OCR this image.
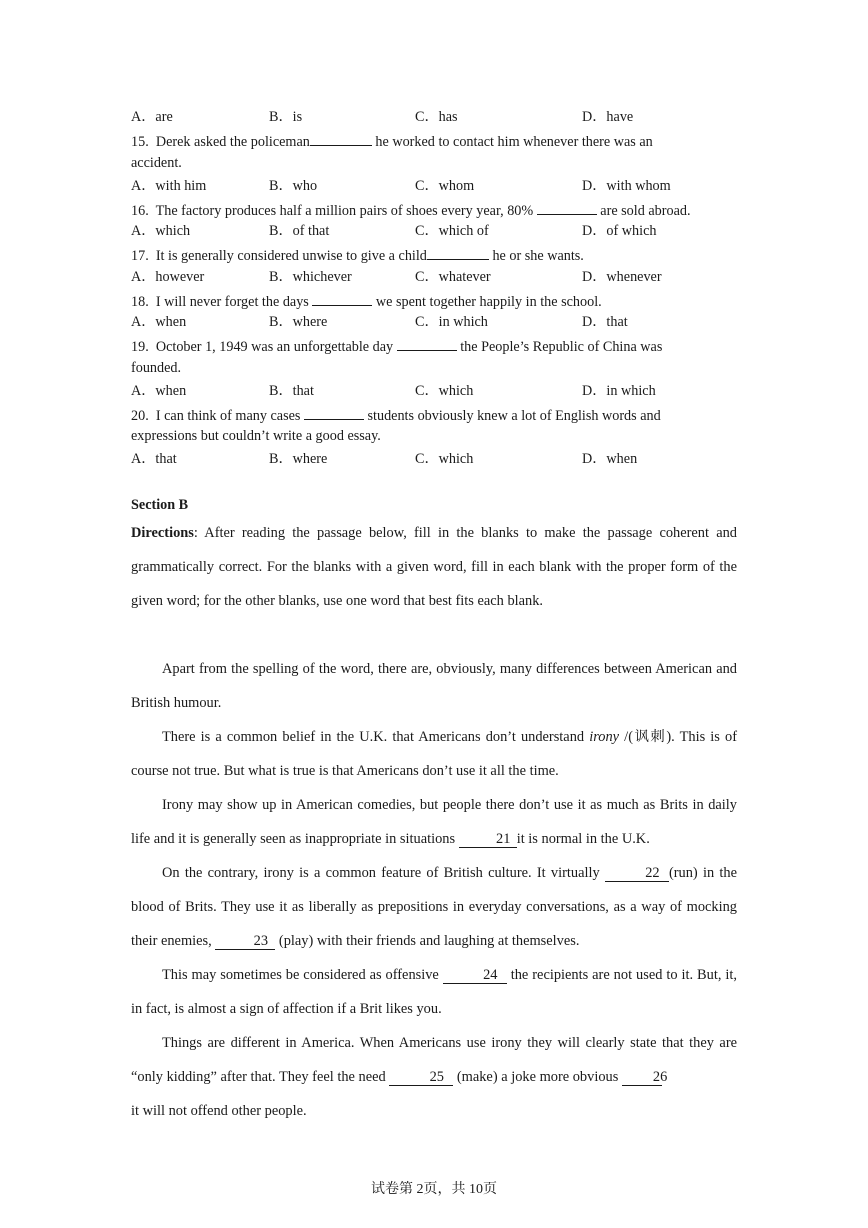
A．are	B．is	C．has	D．have
15.  Derek asked the policeman	he worked to contact him whenever there was an
accident.
A．with him	B．who	C．whom	D．with whom
16.  The factory produces half a million pairs of shoes every year, 80%	are sold abroad.
A．which	B．of that	C．which of	D．of which
17.  It is generally considered unwise to give a child	he or she wants.
A．however	B．whichever	C．whatever	D．whenever
18.  I will never forget the days	we spent together happily in the school.
A．when	B．where	C．in which	D．that
19.  October 1, 1949 was an unforgettable day	the People’s Republic of China was
founded.
A．when	B．that	C．which	D．in which
20.  I can think of many cases	students obviously knew a lot of English words and
expressions but couldn’t write a good essay.
A．that	B．where	C．which	D．when
Section B
Directions: After reading the passage below, fill in the blanks to make the passage coherent and grammatically correct. For the blanks with a given word, fill in each blank with the proper form of the given word; for the other blanks, use one word that best fits each blank.

Apart from the spelling of the word, there are, obviously, many differences between American and British humour.

There is a common belief in the U.K. that Americans don’t understand irony /(讽刺). This is of course not true. But what is true is that Americans don’t use it all the time.

Irony may show up in American comedies, but people there don’t use it as much as Brits in daily life and it is generally seen as inappropriate in situations	21 it is normal in the U.K.

On the contrary, irony is a common feature of British culture. It virtually	22 (run) in the blood of Brits. They use it as liberally as prepositions in everyday conversations, as a way of mocking their enemies,	23 (play) with their friends and laughing at themselves.

This may sometimes be considered as offensive	24 the recipients are not used to it. But, it, in fact, is almost a sign of affection if a Brit likes you.

Things are different in America. When Americans use irony they will clearly state that they are “only kidding” after that. They feel the need	25 (make) a joke more obvious 26
it will not offend other people.

试卷第 2页，共 10页
